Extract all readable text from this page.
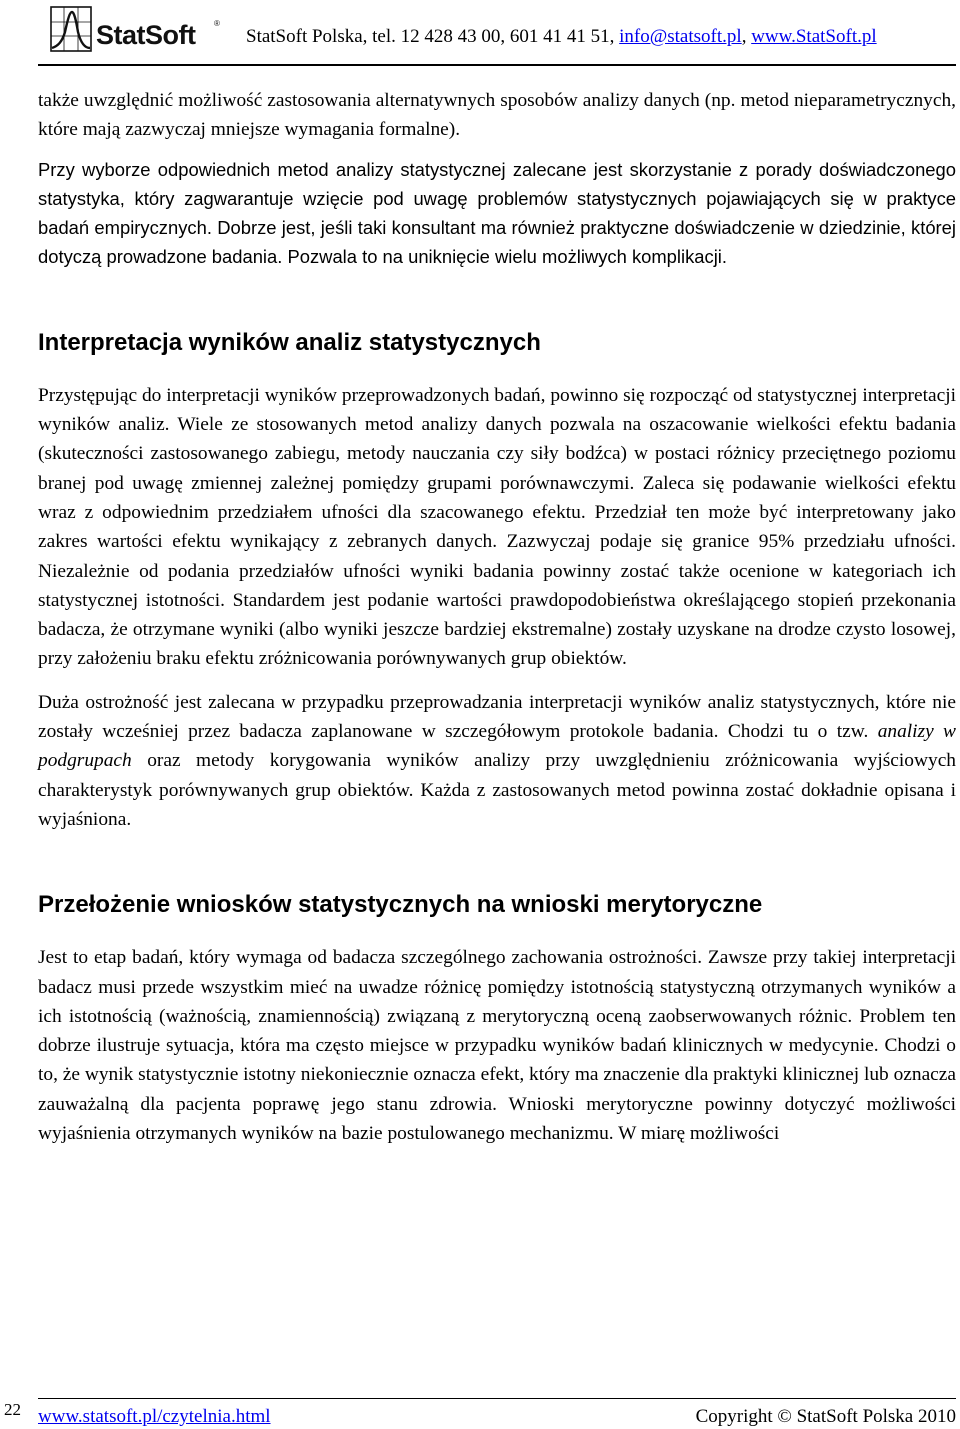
StatSoft ®
StatSoft Polska, tel. 12 428 43 00, 601 41 41 51, info@statsoft.pl, www.StatSoft.pl

także uwzględnić możliwość zastosowania alternatywnych sposobów analizy danych (np. metod nieparametrycznych, które mają zazwyczaj mniejsze wymagania formalne).

Przy wyborze odpowiednich metod analizy statystycznej zalecane jest skorzystanie z porady doświadczonego statystyka, który zagwarantuje wzięcie pod uwagę problemów statystycznych pojawiających się w praktyce badań empirycznych. Dobrze jest, jeśli taki konsultant ma również praktyczne doświadczenie w dziedzinie, której dotyczą prowadzone badania. Pozwala to na uniknięcie wielu możliwych komplikacji.

Interpretacja wyników analiz statystycznych

Przystępując do interpretacji wyników przeprowadzonych badań, powinno się rozpocząć od statystycznej interpretacji wyników analiz. Wiele ze stosowanych metod analizy danych pozwala na oszacowanie wielkości efektu badania (skuteczności zastosowanego zabiegu, metody nauczania czy siły bodźca) w postaci różnicy przeciętnego poziomu branej pod uwagę zmiennej zależnej pomiędzy grupami porównawczymi. Zaleca się podawanie wielkości efektu wraz z odpowiednim przedziałem ufności dla szacowanego efektu. Przedział ten może być interpretowany jako zakres wartości efektu wynikający z zebranych danych. Zazwyczaj podaje się granice 95% przedziału ufności. Niezależnie od podania przedziałów ufności wyniki badania powinny zostać także ocenione w kategoriach ich statystycznej istotności. Standardem jest podanie wartości prawdopodobieństwa określającego stopień przekonania badacza, że otrzymane wyniki (albo wyniki jeszcze bardziej ekstremalne) zostały uzyskane na drodze czysto losowej, przy założeniu braku efektu zróżnicowania porównywanych grup obiektów.

Duża ostrożność jest zalecana w przypadku przeprowadzania interpretacji wyników analiz statystycznych, które nie zostały wcześniej przez badacza zaplanowane w szczegółowym protokole badania. Chodzi tu o tzw. analizy w podgrupach oraz metody korygowania wyników analizy przy uwzględnieniu zróżnicowania wyjściowych charakterystyk porównywanych grup obiektów. Każda z zastosowanych metod powinna zostać dokładnie opisana i wyjaśniona.

Przełożenie wniosków statystycznych na wnioski merytoryczne

Jest to etap badań, który wymaga od badacza szczególnego zachowania ostrożności. Zawsze przy takiej interpretacji badacz musi przede wszystkim mieć na uwadze różnicę pomiędzy istotnością statystyczną otrzymanych wyników a ich istotnością (ważnością, znamiennością) związaną z merytoryczną oceną zaobserwowanych różnic. Problem ten dobrze ilustruje sytuacja, która ma często miejsce w przypadku wyników badań klinicznych w medycynie. Chodzi o to, że wynik statystycznie istotny niekoniecznie oznacza efekt, który ma znaczenie dla praktyki klinicznej lub oznacza zauważalną dla pacjenta poprawę jego stanu zdrowia. Wnioski merytoryczne powinny dotyczyć możliwości wyjaśnienia otrzymanych wyników na bazie postulowanego mechanizmu. W miarę możliwości

22 www.statsoft.pl/czytelnia.html	Copyright © StatSoft Polska 2010
